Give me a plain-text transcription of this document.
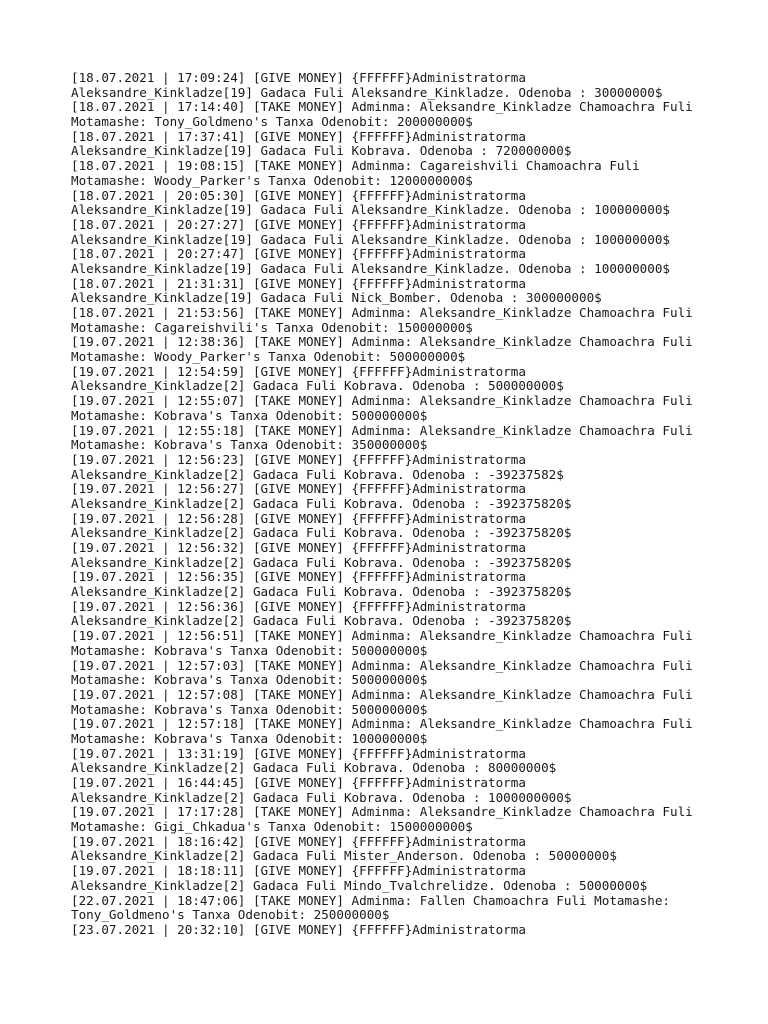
[18.07.2021 | 17:09:24] [GIVE MONEY] {FFFFFF}Administratorma
Aleksandre_Kinkladze[19] Gadaca Fuli Aleksandre_Kinkladze. Odenoba : 30000000$
[18.07.2021 | 17:14:40] [TAKE MONEY] Adminma: Aleksandre_Kinkladze Chamoachra Fuli
Motamashe: Tony_Goldmeno's Tanxa Odenobit: 200000000$
[18.07.2021 | 17:37:41] [GIVE MONEY] {FFFFFF}Administratorma
Aleksandre_Kinkladze[19] Gadaca Fuli Kobrava. Odenoba : 720000000$
[18.07.2021 | 19:08:15] [TAKE MONEY] Adminma: Cagareishvili Chamoachra Fuli
Motamashe: Woody_Parker's Tanxa Odenobit: 1200000000$
[18.07.2021 | 20:05:30] [GIVE MONEY] {FFFFFF}Administratorma
Aleksandre_Kinkladze[19] Gadaca Fuli Aleksandre_Kinkladze. Odenoba : 100000000$
[18.07.2021 | 20:27:27] [GIVE MONEY] {FFFFFF}Administratorma
Aleksandre_Kinkladze[19] Gadaca Fuli Aleksandre_Kinkladze. Odenoba : 100000000$
[18.07.2021 | 20:27:47] [GIVE MONEY] {FFFFFF}Administratorma
Aleksandre_Kinkladze[19] Gadaca Fuli Aleksandre_Kinkladze. Odenoba : 100000000$
[18.07.2021 | 21:31:31] [GIVE MONEY] {FFFFFF}Administratorma
Aleksandre_Kinkladze[19] Gadaca Fuli Nick_Bomber. Odenoba : 300000000$
[18.07.2021 | 21:53:56] [TAKE MONEY] Adminma: Aleksandre_Kinkladze Chamoachra Fuli
Motamashe: Cagareishvili's Tanxa Odenobit: 150000000$
[19.07.2021 | 12:38:36] [TAKE MONEY] Adminma: Aleksandre_Kinkladze Chamoachra Fuli
Motamashe: Woody_Parker's Tanxa Odenobit: 500000000$
[19.07.2021 | 12:54:59] [GIVE MONEY] {FFFFFF}Administratorma
Aleksandre_Kinkladze[2] Gadaca Fuli Kobrava. Odenoba : 500000000$
[19.07.2021 | 12:55:07] [TAKE MONEY] Adminma: Aleksandre_Kinkladze Chamoachra Fuli
Motamashe: Kobrava's Tanxa Odenobit: 500000000$
[19.07.2021 | 12:55:18] [TAKE MONEY] Adminma: Aleksandre_Kinkladze Chamoachra Fuli
Motamashe: Kobrava's Tanxa Odenobit: 350000000$
[19.07.2021 | 12:56:23] [GIVE MONEY] {FFFFFF}Administratorma
Aleksandre_Kinkladze[2] Gadaca Fuli Kobrava. Odenoba : -39237582$
[19.07.2021 | 12:56:27] [GIVE MONEY] {FFFFFF}Administratorma
Aleksandre_Kinkladze[2] Gadaca Fuli Kobrava. Odenoba : -392375820$
[19.07.2021 | 12:56:28] [GIVE MONEY] {FFFFFF}Administratorma
Aleksandre_Kinkladze[2] Gadaca Fuli Kobrava. Odenoba : -392375820$
[19.07.2021 | 12:56:32] [GIVE MONEY] {FFFFFF}Administratorma
Aleksandre_Kinkladze[2] Gadaca Fuli Kobrava. Odenoba : -392375820$
[19.07.2021 | 12:56:35] [GIVE MONEY] {FFFFFF}Administratorma
Aleksandre_Kinkladze[2] Gadaca Fuli Kobrava. Odenoba : -392375820$
[19.07.2021 | 12:56:36] [GIVE MONEY] {FFFFFF}Administratorma
Aleksandre_Kinkladze[2] Gadaca Fuli Kobrava. Odenoba : -392375820$
[19.07.2021 | 12:56:51] [TAKE MONEY] Adminma: Aleksandre_Kinkladze Chamoachra Fuli
Motamashe: Kobrava's Tanxa Odenobit: 500000000$
[19.07.2021 | 12:57:03] [TAKE MONEY] Adminma: Aleksandre_Kinkladze Chamoachra Fuli
Motamashe: Kobrava's Tanxa Odenobit: 500000000$
[19.07.2021 | 12:57:08] [TAKE MONEY] Adminma: Aleksandre_Kinkladze Chamoachra Fuli
Motamashe: Kobrava's Tanxa Odenobit: 500000000$
[19.07.2021 | 12:57:18] [TAKE MONEY] Adminma: Aleksandre_Kinkladze Chamoachra Fuli
Motamashe: Kobrava's Tanxa Odenobit: 100000000$
[19.07.2021 | 13:31:19] [GIVE MONEY] {FFFFFF}Administratorma
Aleksandre_Kinkladze[2] Gadaca Fuli Kobrava. Odenoba : 80000000$
[19.07.2021 | 16:44:45] [GIVE MONEY] {FFFFFF}Administratorma
Aleksandre_Kinkladze[2] Gadaca Fuli Kobrava. Odenoba : 1000000000$
[19.07.2021 | 17:17:28] [TAKE MONEY] Adminma: Aleksandre_Kinkladze Chamoachra Fuli
Motamashe: Gigi_Chkadua's Tanxa Odenobit: 1500000000$
[19.07.2021 | 18:16:42] [GIVE MONEY] {FFFFFF}Administratorma
Aleksandre_Kinkladze[2] Gadaca Fuli Mister_Anderson. Odenoba : 50000000$
[19.07.2021 | 18:18:11] [GIVE MONEY] {FFFFFF}Administratorma
Aleksandre_Kinkladze[2] Gadaca Fuli Mindo_Tvalchrelidze. Odenoba : 50000000$
[22.07.2021 | 18:47:06] [TAKE MONEY] Adminma: Fallen Chamoachra Fuli Motamashe:
Tony_Goldmeno's Tanxa Odenobit: 250000000$
[23.07.2021 | 20:32:10] [GIVE MONEY] {FFFFFF}Administratorma
